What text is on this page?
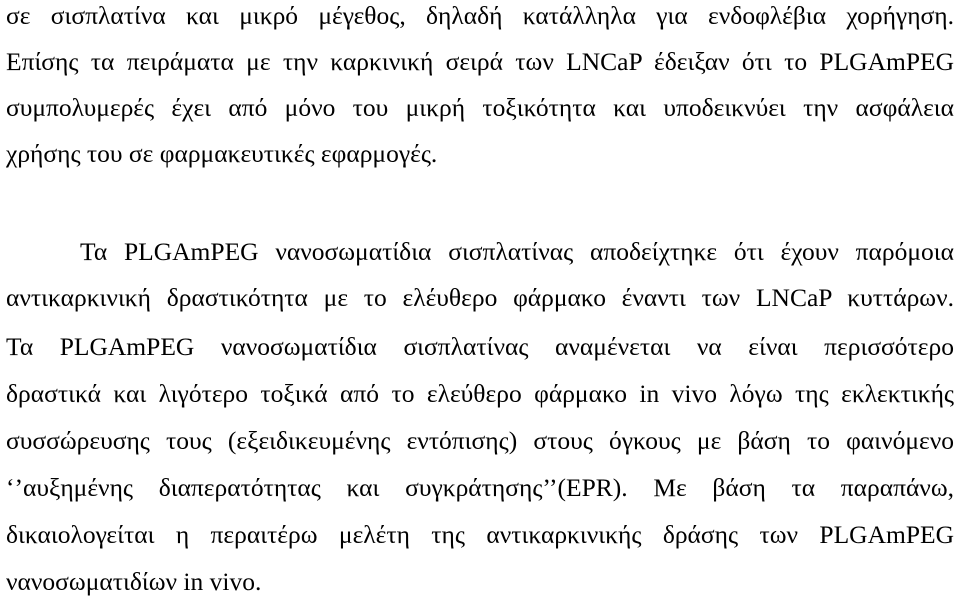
σε σισπλατίνα και μικρό μέγεθος, δηλαδή κατάλληλα για ενδοφλέβια χορήγηση.
Επίσης τα πειράματα με την καρκινική σειρά των LNCaP έδειξαν ότι το PLGAmPEG
συμπολυμερές έχει από μόνο του μικρή τοξικότητα και υποδεικνύει την ασφάλεια
χρήσης του σε φαρμακευτικές εφαρμογές.
Τα PLGAmPEG νανοσωματίδια σισπλατίνας αποδείχτηκε ότι έχουν παρόμοια
αντικαρκινική δραστικότητα με το ελέυθερο φάρμακο έναντι των LNCaP κυττάρων.
Τα PLGAmPEG νανοσωματίδια σισπλατίνας αναμένεται να είναι περισσότερο
δραστικά και λιγότερο τοξικά από το ελεύθερο φάρμακο in vivo λόγω της εκλεκτικής
συσσώρευσης τους (εξειδικευμένης εντόπισης) στους όγκους με βάση το φαινόμενο
‘’αυξημένης διαπερατότητας και συγκράτησης’’(EPR). Με βάση τα παραπάνω,
δικαιολογείται η περαιτέρω μελέτη της αντικαρκινικής δράσης των PLGAmPEG
νανοσωματιδίων in vivo.
